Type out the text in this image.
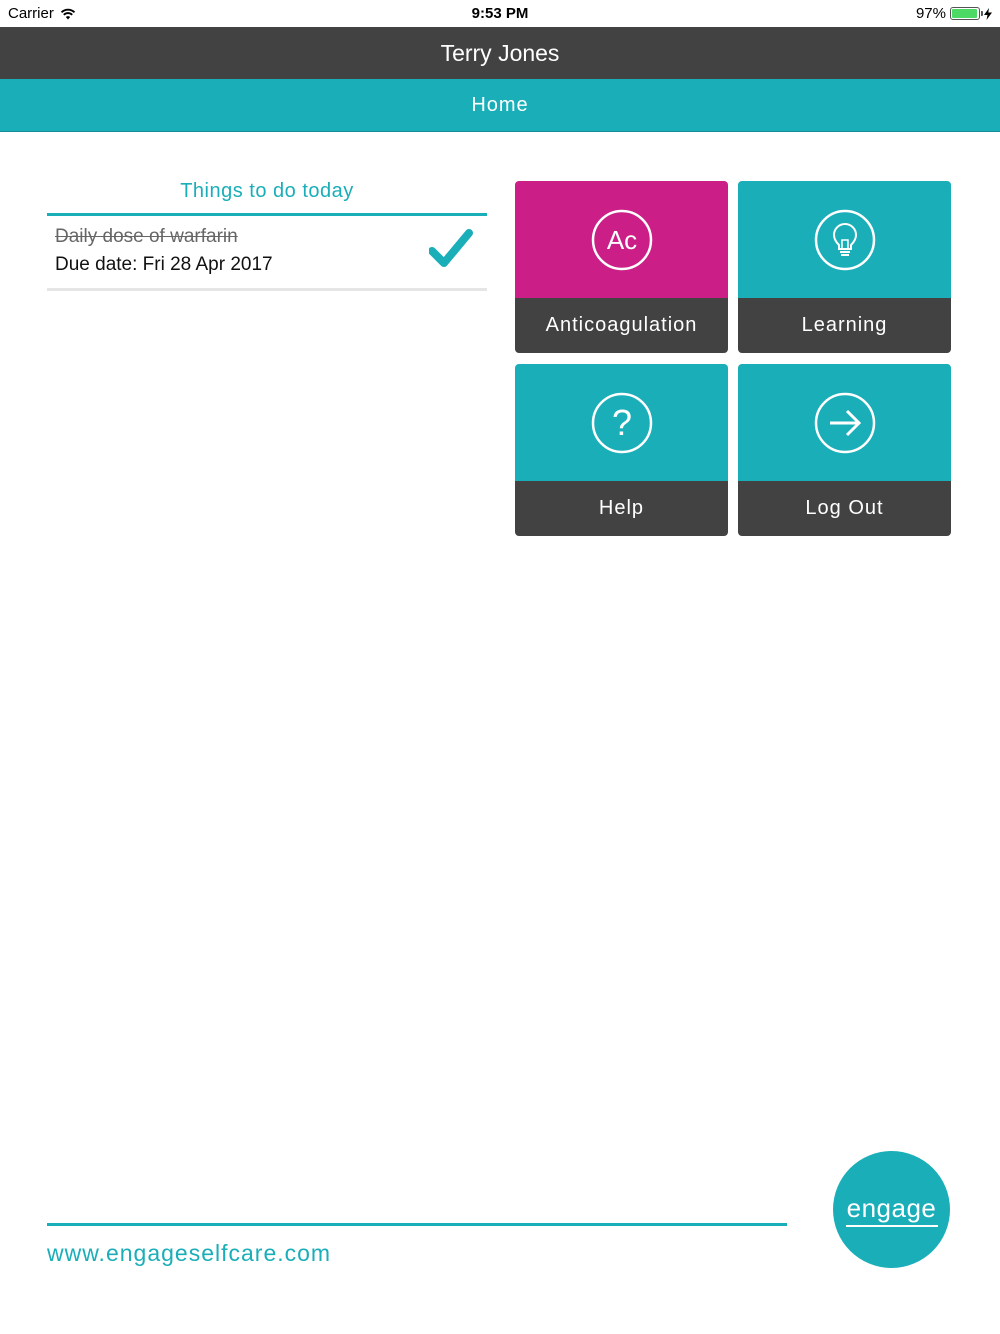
Carrier	9:53 PM	97%
Terry Jones
Home
Things to do today
Daily dose of warfarin
Due date: Fri 28 Apr 2017
Ac
Anticoagulation	Learning
?
Help	Log Out
www.engageselfcare.com
engage
